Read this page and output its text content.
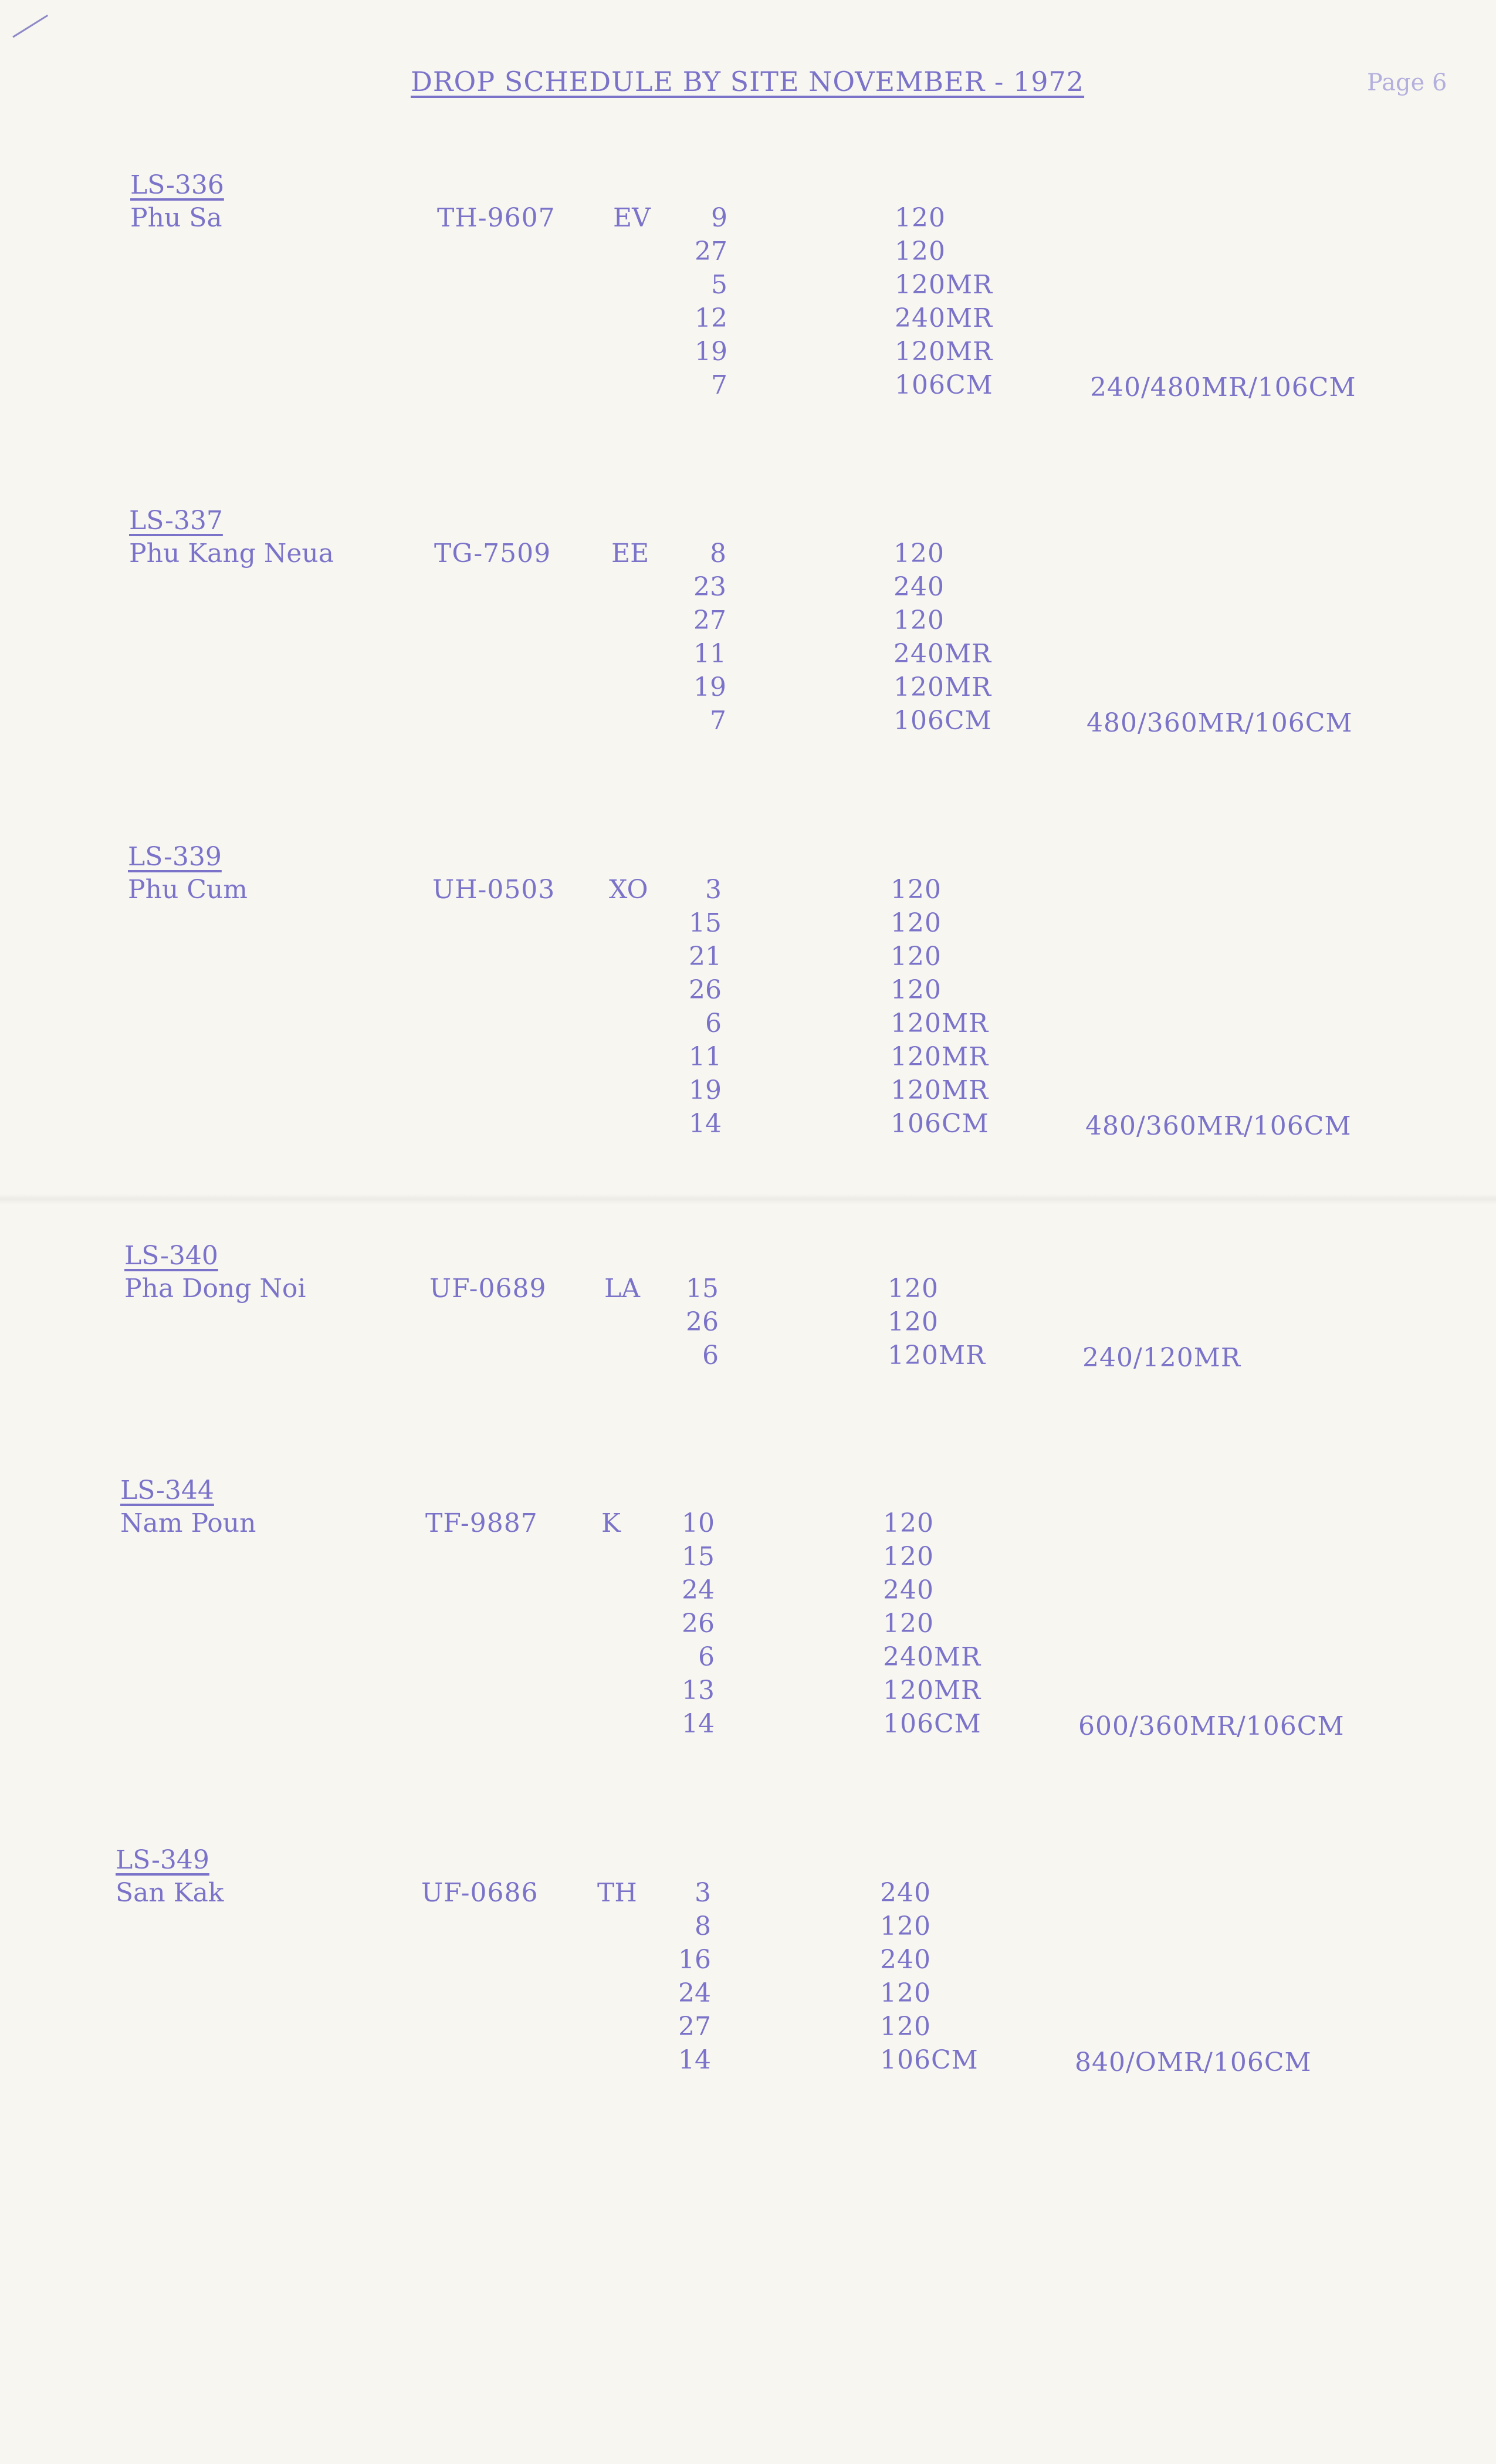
DROP SCHEDULE BY SITE NOVEMBER - 1972	Page 6
LS-336
Phu Sa	TH-9607 EV	9	120
27	120
5	120MR
12	240MR
19	120MR
7	106CM	240/480MR/106CM
LS-337
Phu Kang Neua	TG-7509 EE	8	120
23	240
27	120
11	240MR
19	120MR
7	106CM	480/360MR/106CM
LS-339
Phu Cum	UH-0503 XO	3	120
15	120
21	120
26	120
6	120MR
11	120MR
19	120MR
14	106CM	480/360MR/106CM
LS-340
Pha Dong Noi	UF-0689 LA	15	120
26	120
6	120MR	240/120MR
LS-344
Nam Poun	TF-9887 K	10	120
15	120
24	240
26	120
6	240MR
13	120MR
14	106CM	600/360MR/106CM
LS-349
San Kak	UF-0686 TH	3	240
8	120
16	240
24	120
27	120
14	106CM	840/OMR/106CM
